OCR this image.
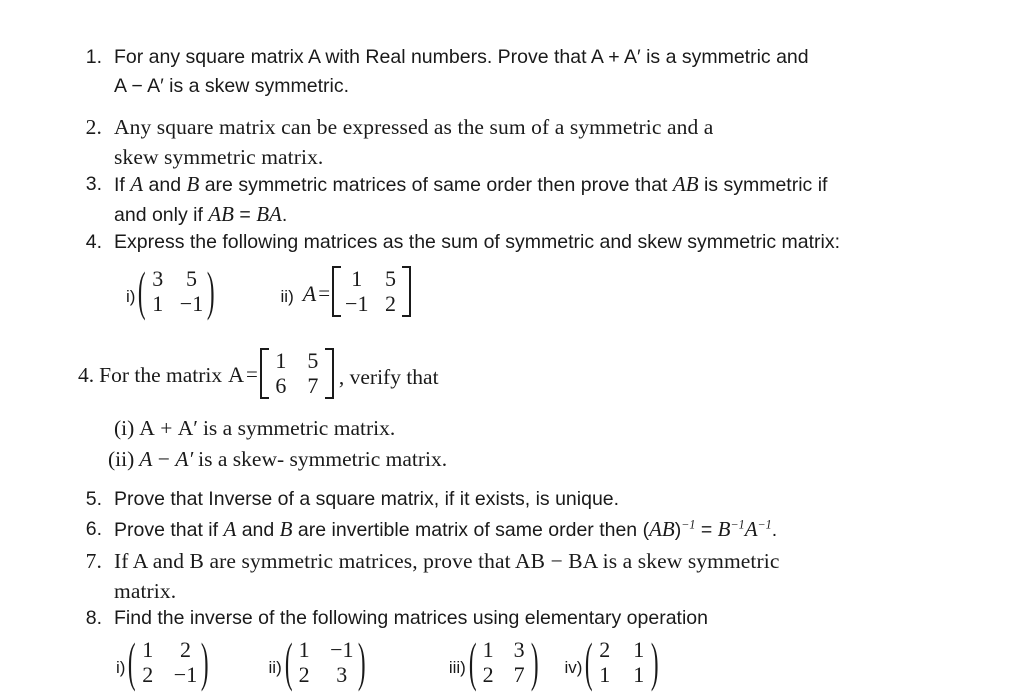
1. For any square matrix A with Real numbers. Prove that A + A′ is a symmetric and
A − A′ is a skew symmetric.
2. Any square matrix can be expressed as the sum of a symmetric and a
skew symmetric matrix.
3. If A and B are symmetric matrices of same order then prove that AB is symmetric if
and only if AB = BA.
4. Express the following matrices as the sum of symmetric and skew symmetric matrix:
i) ( 3 5
1 −1 )	ii) A =
1 5
−1 2
4. For the matrix A =
1 5
6 7 , verify that
(i) A + A′ is a symmetric matrix.
(ii) A − A′ is a skew- symmetric matrix.
5. Prove that Inverse of a square matrix, if it exists, is unique.
6. Prove that if A and B are invertible matrix of same order then $(AB)^{-1} = B^{-1}A^{-1}$.
7. If A and B are symmetric matrices, prove that AB − BA is a skew symmetric
matrix.
8. Find the inverse of the following matrices using elementary operation
i) ( 1 2
2 −1 )	ii) ( 1 −1
2 3 )	iii) ( 1 3
2 7 ) iv) ( 2 1
1 1 )
